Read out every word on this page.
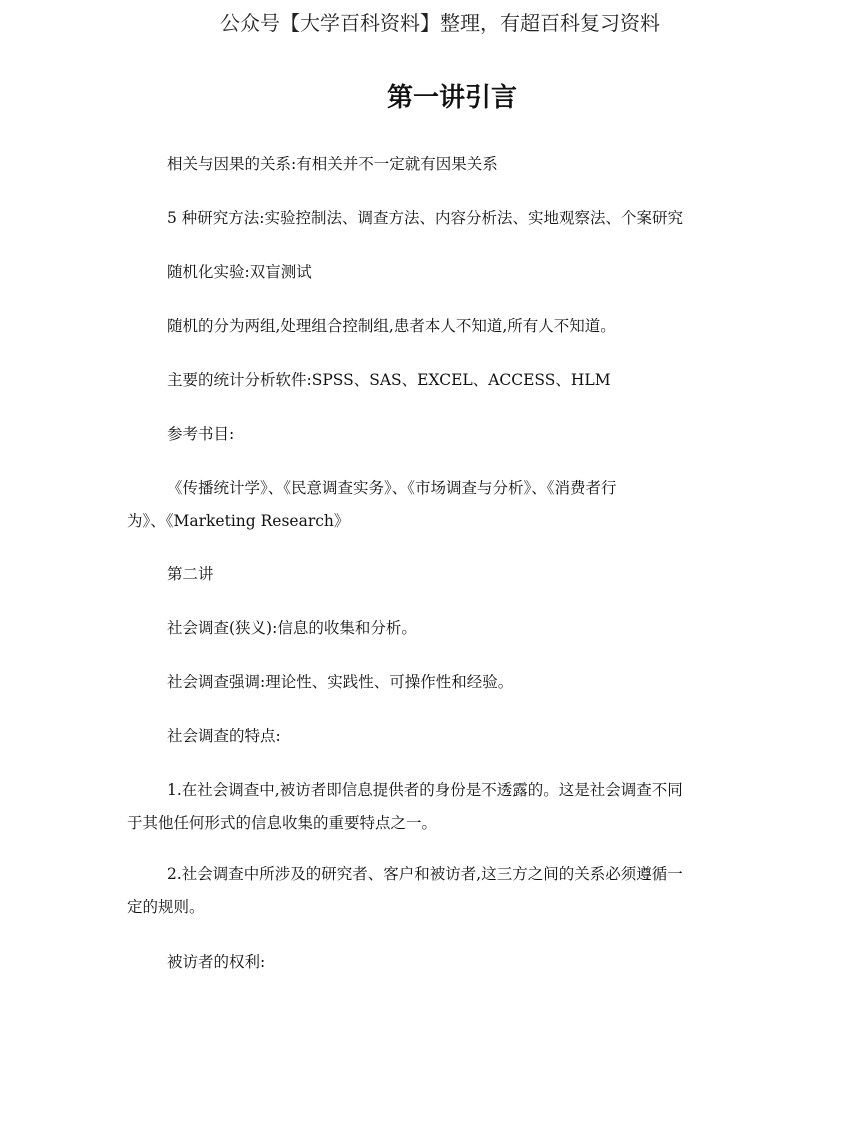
公众号【大学百科资料】整理，有超百科复习资料
第一讲引言
相关与因果的关系:有相关并不一定就有因果关系
5 种研究方法:实验控制法、调查方法、内容分析法、实地观察法、个案研究
随机化实验:双盲测试
随机的分为两组,处理组合控制组,患者本人不知道,所有人不知道。
主要的统计分析软件:SPSS、SAS、EXCEL、ACCESS、HLM
参考书目:
《传播统计学》、《民意调查实务》、《市场调查与分析》、《消费者行
为》、《Marketing Research》
第二讲
社会调查(狭义):信息的收集和分析。
社会调查强调:理论性、实践性、可操作性和经验。
社会调查的特点:
1.在社会调查中,被访者即信息提供者的身份是不透露的。这是社会调查不同
于其他任何形式的信息收集的重要特点之一。
2.社会调查中所涉及的研究者、客户和被访者,这三方之间的关系必须遵循一
定的规则。
被访者的权利:
